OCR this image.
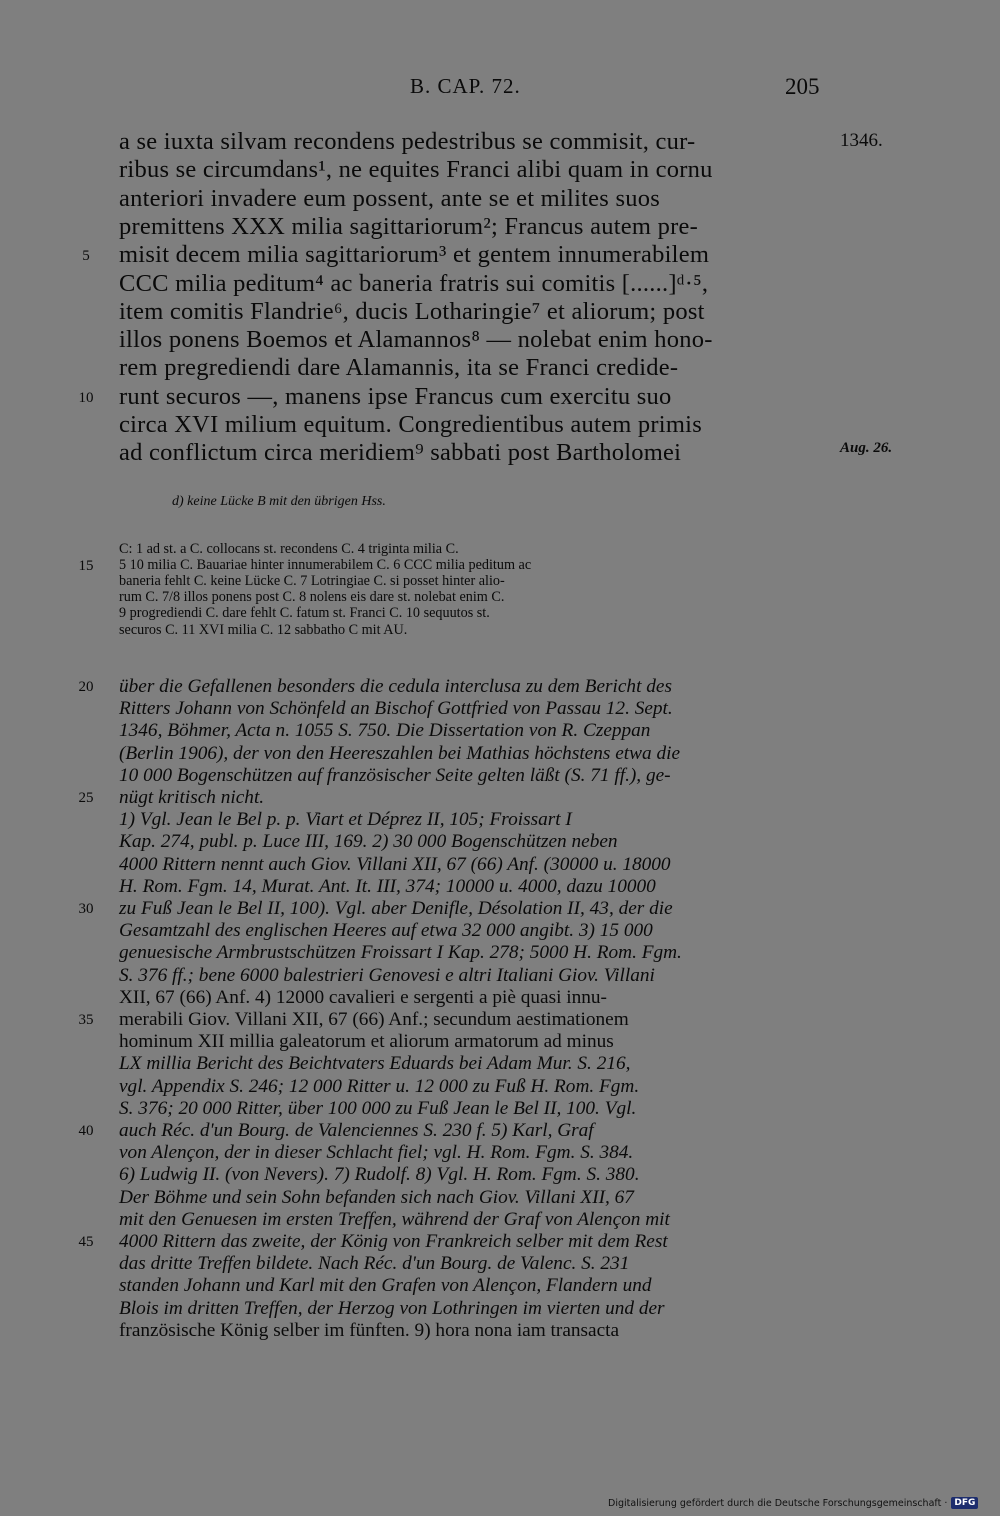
B. CAP. 72.	205
1346.
Aug. 26.
a se iuxta silvam recondens pedestribus se commisit, cur-
ribus se circumdans¹, ne equites Franci alibi quam in cornu
anteriori invadere eum possent, ante se et milites suos
premittens XXX milia sagittariorum²; Francus autem pre-
misit decem milia sagittariorum³ et gentem innumerabilem
5
CCC milia peditum⁴ ac baneria fratris sui comitis [......]ᵈ·⁵,
item comitis Flandrie⁶, ducis Lotharingie⁷ et aliorum; post
illos ponens Boemos et Alamannos⁸ — nolebat enim hono-
rem pregrediendi dare Alamannis, ita se Franci credide-
runt securos —, manens ipse Francus cum exercitu suo
10
circa XVI milium equitum. Congredientibus autem primis
ad conflictum circa meridiem⁹ sabbati post Bartholomei
d) keine Lücke B mit den übrigen Hss.
C: 1 ad st. a C. collocans st. recondens C. 4 triginta milia C.
5 10 milia C. Bauariae hinter innumerabilem C. 6 CCC milia peditum ac
15
baneria fehlt C. keine Lücke C. 7 Lotringiae C. si posset hinter alio-
rum C. 7/8 illos ponens post C. 8 nolens eis dare st. nolebat enim C.
9 progrediendi C. dare fehlt C. fatum st. Franci C. 10 sequutos st.
securos C. 11 XVI milia C. 12 sabbatho C mit AU.
über die Gefallenen besonders die cedula interclusa zu dem Bericht des
20
Ritters Johann von Schönfeld an Bischof Gottfried von Passau 12. Sept.
1346, Böhmer, Acta n. 1055 S. 750. Die Dissertation von R. Czeppan
(Berlin 1906), der von den Heereszahlen bei Mathias höchstens etwa die
10 000 Bogenschützen auf französischer Seite gelten läßt (S. 71 ff.), ge-
nügt kritisch nicht.
25
1) Vgl. Jean le Bel p. p. Viart et Déprez II, 105; Froissart I
Kap. 274, publ. p. Luce III, 169. 2) 30 000 Bogenschützen neben
4000 Rittern nennt auch Giov. Villani XII, 67 (66) Anf. (30000 u. 18000
H. Rom. Fgm. 14, Murat. Ant. It. III, 374; 10000 u. 4000, dazu 10000
zu Fuß Jean le Bel II, 100). Vgl. aber Denifle, Désolation II, 43, der die
30
Gesamtzahl des englischen Heeres auf etwa 32 000 angibt. 3) 15 000
genuesische Armbrustschützen Froissart I Kap. 278; 5000 H. Rom. Fgm.
S. 376 ff.; bene 6000 balestrieri Genovesi e altri Italiani Giov. Villani
XII, 67 (66) Anf. 4) 12000 cavalieri e sergenti a piè quasi innu-
merabili Giov. Villani XII, 67 (66) Anf.; secundum aestimationem
35
hominum XII millia galeatorum et aliorum armatorum ad minus
LX millia Bericht des Beichtvaters Eduards bei Adam Mur. S. 216,
vgl. Appendix S. 246; 12 000 Ritter u. 12 000 zu Fuß H. Rom. Fgm.
S. 376; 20 000 Ritter, über 100 000 zu Fuß Jean le Bel II, 100. Vgl.
auch Réc. d'un Bourg. de Valenciennes S. 230 f. 5) Karl, Graf
40
von Alençon, der in dieser Schlacht fiel; vgl. H. Rom. Fgm. S. 384.
6) Ludwig II. (von Nevers). 7) Rudolf. 8) Vgl. H. Rom. Fgm. S. 380.
Der Böhme und sein Sohn befanden sich nach Giov. Villani XII, 67
mit den Genuesen im ersten Treffen, während der Graf von Alençon mit
4000 Rittern das zweite, der König von Frankreich selber mit dem Rest
45
das dritte Treffen bildete. Nach Réc. d'un Bourg. de Valenc. S. 231
standen Johann und Karl mit den Grafen von Alençon, Flandern und
Blois im dritten Treffen, der Herzog von Lothringen im vierten und der
französische König selber im fünften. 9) hora nona iam transacta
Digitalisierung gefördert durch die Deutsche Forschungsgemeinschaft · DFG
